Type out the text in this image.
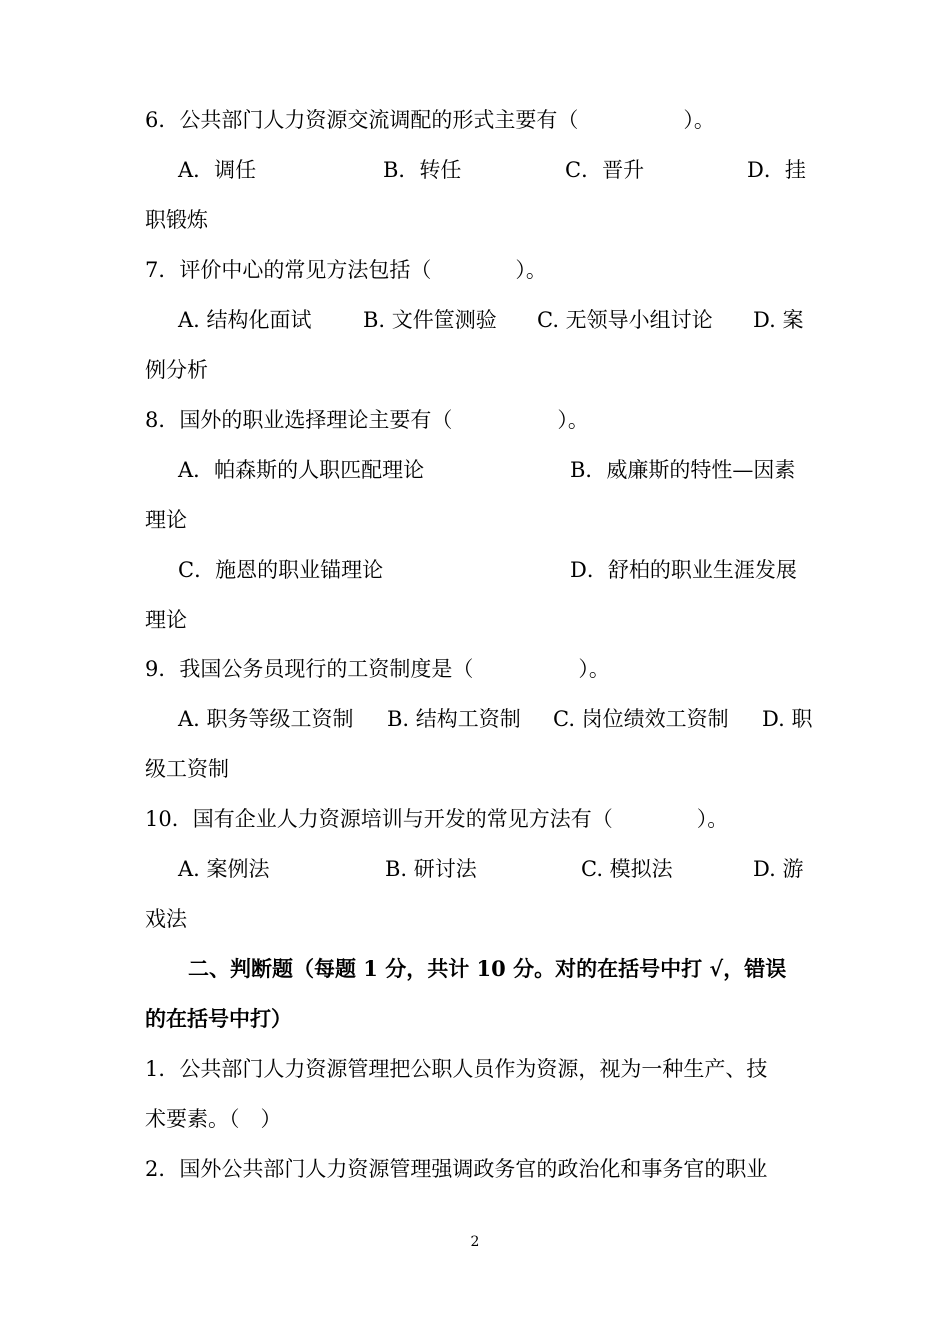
6．公共部门人力资源交流调配的形式主要有（　　　　　）。
A．调任	B．转任	C．晋升	D．挂
职锻炼
7．评价中心的常见方法包括（　　　　）。
A. 结构化面试 B. 文件筐测验 C. 无领导小组讨论 D. 案
例分析
8．国外的职业选择理论主要有（　　　　　）。
A．帕森斯的人职匹配理论	B．威廉斯的特性—因素
理论
C．施恩的职业锚理论	D．舒柏的职业生涯发展
理论
9．我国公务员现行的工资制度是（　　　　　）。
A. 职务等级工资制 B. 结构工资制 C. 岗位绩效工资制 D. 职
级工资制
10．国有企业人力资源培训与开发的常见方法有（　　　　）。
A. 案例法	B. 研讨法	C. 模拟法	D. 游
戏法
二、判断题（每题 1 分，共计 10 分。对的在括号中打 √，错误
的在括号中打）
1．公共部门人力资源管理把公职人员作为资源，视为一种生产、技
术要素。（　）
2．国外公共部门人力资源管理强调政务官的政治化和事务官的职业
2
